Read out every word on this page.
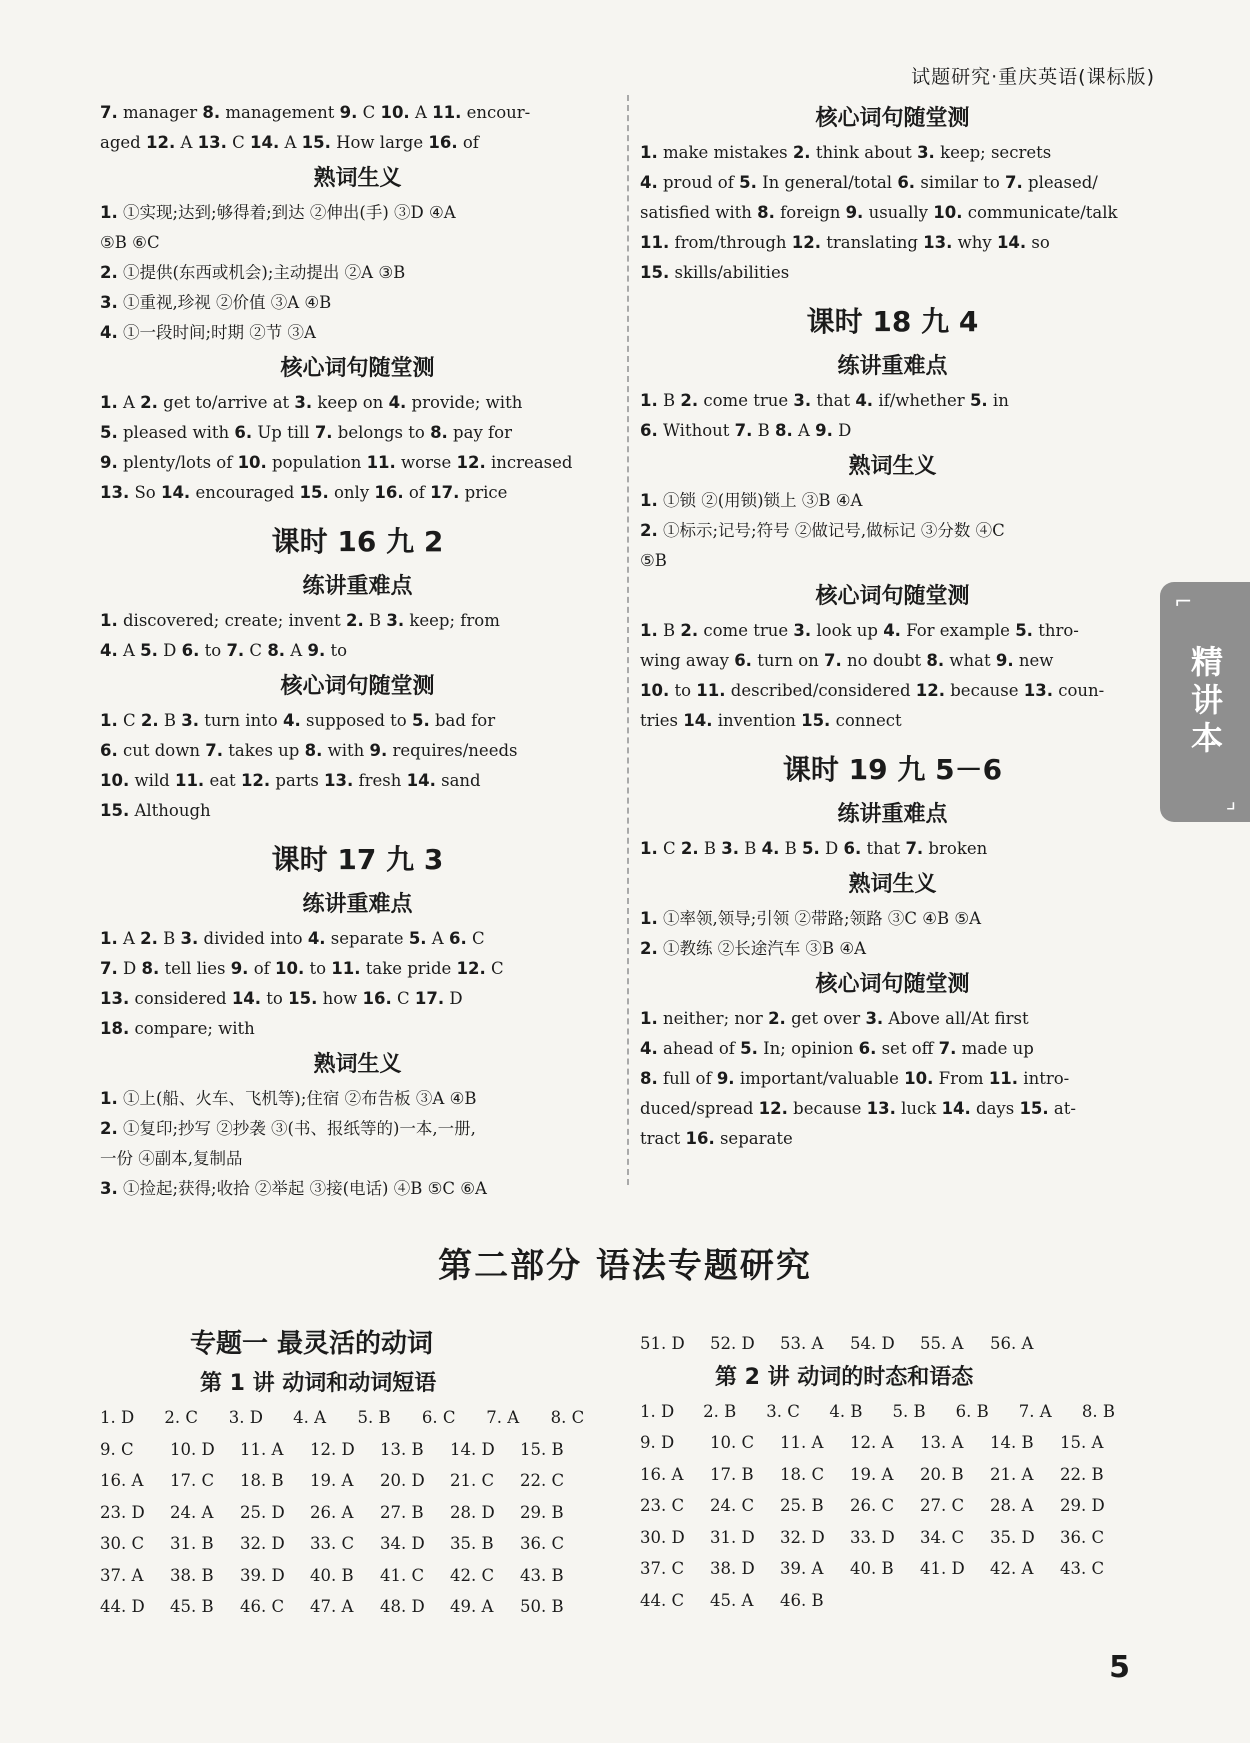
试题研究·重庆英语(课标版)
7. manager 8. management 9. C 10. A 11. encour-
aged 12. A 13. C 14. A 15. How large 16. of
熟词生义
1. ①实现;达到;够得着;到达 ②伸出(手) ③D ④A
⑤B ⑥C
2. ①提供(东西或机会);主动提出 ②A ③B
3. ①重视,珍视 ②价值 ③A ④B
4. ①一段时间;时期 ②节 ③A
核心词句随堂测
1. A 2. get to/arrive at 3. keep on 4. provide; with
5. pleased with 6. Up till 7. belongs to 8. pay for
9. plenty/lots of 10. population 11. worse 12. increased
13. So 14. encouraged 15. only 16. of 17. price
课时 16 九 2
练讲重难点
1. discovered; create; invent 2. B 3. keep; from
4. A 5. D 6. to 7. C 8. A 9. to
核心词句随堂测
1. C 2. B 3. turn into 4. supposed to 5. bad for
6. cut down 7. takes up 8. with 9. requires/needs
10. wild 11. eat 12. parts 13. fresh 14. sand
15. Although
课时 17 九 3
练讲重难点
1. A 2. B 3. divided into 4. separate 5. A 6. C
7. D 8. tell lies 9. of 10. to 11. take pride 12. C
13. considered 14. to 15. how 16. C 17. D
18. compare; with
熟词生义
1. ①上(船、火车、飞机等);住宿 ②布告板 ③A ④B
2. ①复印;抄写 ②抄袭 ③(书、报纸等的)一本,一册,
一份 ④副本,复制品
3. ①捡起;获得;收拾 ②举起 ③接(电话) ④B ⑤C ⑥A
核心词句随堂测
1. make mistakes 2. think about 3. keep; secrets
4. proud of 5. In general/total 6. similar to 7. pleased/
satisfied with 8. foreign 9. usually 10. communicate/talk
11. from/through 12. translating 13. why 14. so
15. skills/abilities
课时 18 九 4
练讲重难点
1. B 2. come true 3. that 4. if/whether 5. in
6. Without 7. B 8. A 9. D
熟词生义
1. ①锁 ②(用锁)锁上 ③B ④A
2. ①标示;记号;符号 ②做记号,做标记 ③分数 ④C
⑤B
核心词句随堂测
1. B 2. come true 3. look up 4. For example 5. thro-
wing away 6. turn on 7. no doubt 8. what 9. new
10. to 11. described/considered 12. because 13. coun-
tries 14. invention 15. connect
课时 19 九 5－6
练讲重难点
1. C 2. B 3. B 4. B 5. D 6. that 7. broken
熟词生义
1. ①率领,领导;引领 ②带路;领路 ③C ④B ⑤A
2. ①教练 ②长途汽车 ③B ④A
核心词句随堂测
1. neither; nor 2. get over 3. Above all/At first
4. ahead of 5. In; opinion 6. set off 7. made up
8. full of 9. important/valuable 10. From 11. intro-
duced/spread 12. because 13. luck 14. days 15. at-
tract 16. separate
第二部分 语法专题研究
专题一 最灵活的动词
第 1 讲 动词和动词短语
1. D	2. C	3. D	4. A	5. B	6. C	7. A	8. C
9. C	10. D	11. A	12. D	13. B	14. D	15. B
16. A	17. C	18. B	19. A	20. D	21. C	22. C
23. D	24. A	25. D	26. A	27. B	28. D	29. B
30. C	31. B	32. D	33. C	34. D	35. B	36. C
37. A	38. B	39. D	40. B	41. C	42. C	43. B
44. D	45. B	46. C	47. A	48. D	49. A	50. B
51. D	52. D	53. A	54. D	55. A	56. A
第 2 讲 动词的时态和语态
1. D	2. B	3. C	4. B	5. B	6. B	7. A	8. B
9. D	10. C	11. A	12. A	13. A	14. B	15. A
16. A	17. B	18. C	19. A	20. B	21. A	22. B
23. C	24. C	25. B	26. C	27. C	28. A	29. D
30. D	31. D	32. D	33. D	34. C	35. D	36. C
37. C	38. D	39. A	40. B	41. D	42. A	43. C
44. C	45. A	46. B
⌐
精讲本
⌟
5
